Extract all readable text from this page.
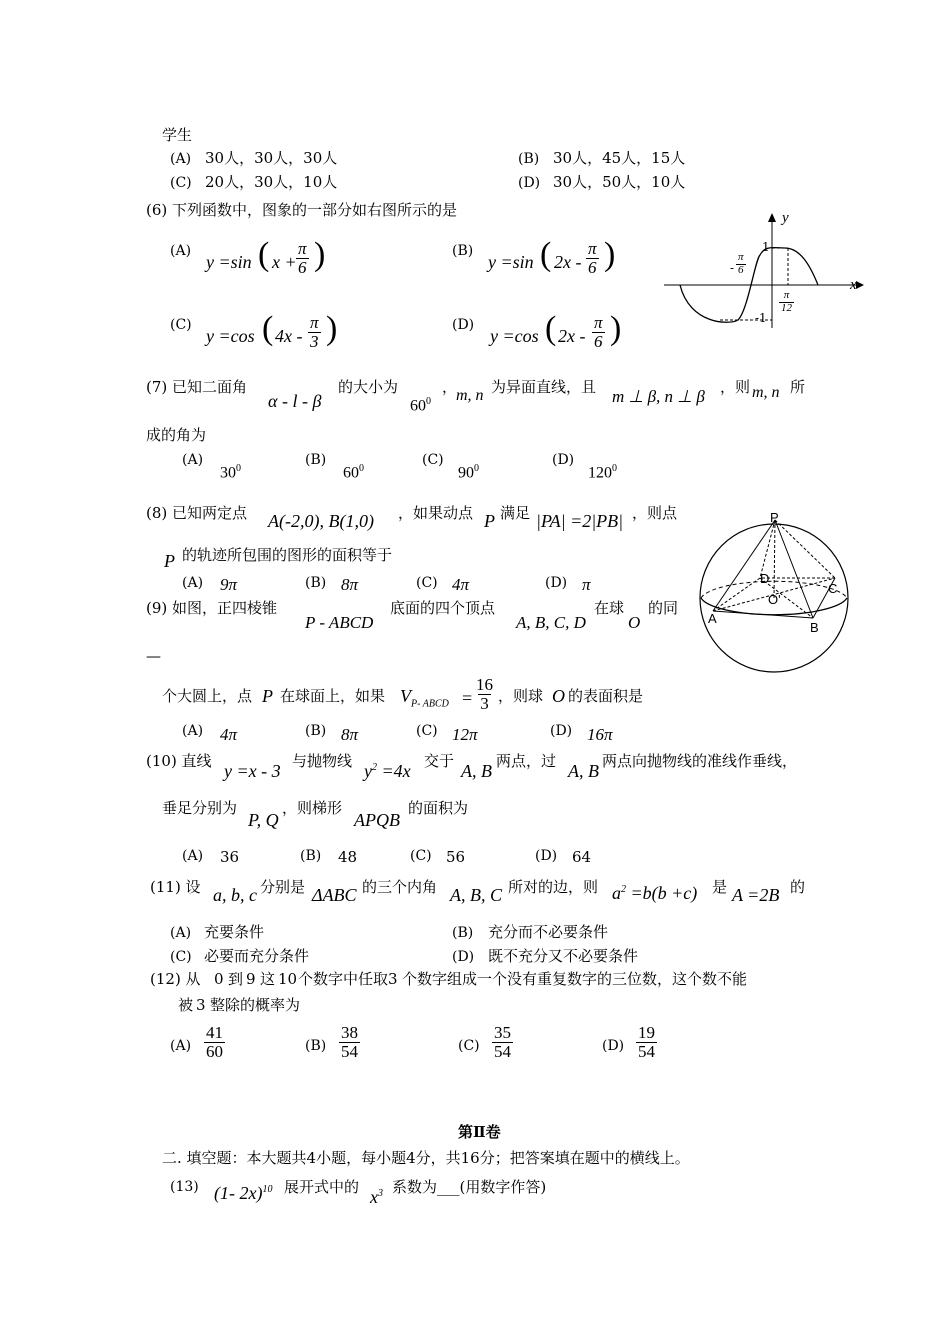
学生
(A) 30人，30人，30人	(B) 30人，45人，15人
(C) 20人，30人，10人	(D) 30人，50人，10人
(6) 下列函数中，图象的一部分如右图所示的是
(A)
y =sin ( $x + \frac{\pi}{6}$ )	(B)
y =sin ( $2x - \frac{\pi}{6}$ )
(C)
y =cos ( $4x - \frac{\pi}{3}$ )	(D)
y =cos ( $2x - \frac{\pi}{6}$ )
y
x
1
-1
- $\frac{\pi}{6}$
$\frac{\pi}{12}$
(7) 已知二面角
α - l - β
的大小为
$60^0$
，
m, n 为异面直线，且 m ⊥ β, n ⊥ β ，则 m, n 所
成的角为
(A)
$30^0$
(B)
$60^0$
(C)
$90^0$
(D)
$120^0$
(8) 已知两定点 A(-2,0), B(1,0) ，如果动点 P 满足 |PA| =2|PB| ，则点
P 的轨迹所包围的图形的面积等于
(A) 9π	(B) 8π	(C) 4π	(D) π
P
D
C
O'
A
B
(9) 如图，正四棱锥
P - ABCD
底面的四个顶点
A, B, C, D
在球
O
的同
—
个大圆上，点 P 在球面上，如果 $V_{P- ABCD} = \frac{16}{3}$ ，则球 O 的表面积是
(A) 4π	(B) 8π	(C) 12π	(D) 16π
(10) 直线 y =x - 3 与抛物线 $y^2 =4x$ 交于 A, B 两点，过 A, B 两点向抛物线的准线作垂线，
垂足分别为
P, Q
，则梯形
APQB
的面积为
(A) 36	(B) 48	(C) 56	(D) 64
(11) 设 a, b, c 分别是 ΔABC 的三个内角 A, B, C 所对的边，则 $a^2 =b(b +c)$ 是 A =2B 的
(A) 充要条件	(B) 充分而不必要条件
(C) 必要而充分条件	(D) 既不充分又不必要条件
(12) 从 0 到 9 这 10 个数字中任取 3 个数字组成一个没有重复数字的三位数，这个数不能
被 3 整除的概率为
$(A) \frac{41}{60}$	$(B) \frac{38}{54}$	$(C) \frac{35}{54}$	$(D) \frac{19}{54}$
第Ⅱ卷
二. 填空题：本大题共4小题，每小题4分，共16分；把答案填在题中的横线上。
(13) (1- 2x)$^{10}$ 展开式中的 $x^3$ 系数为___(用数字作答)
